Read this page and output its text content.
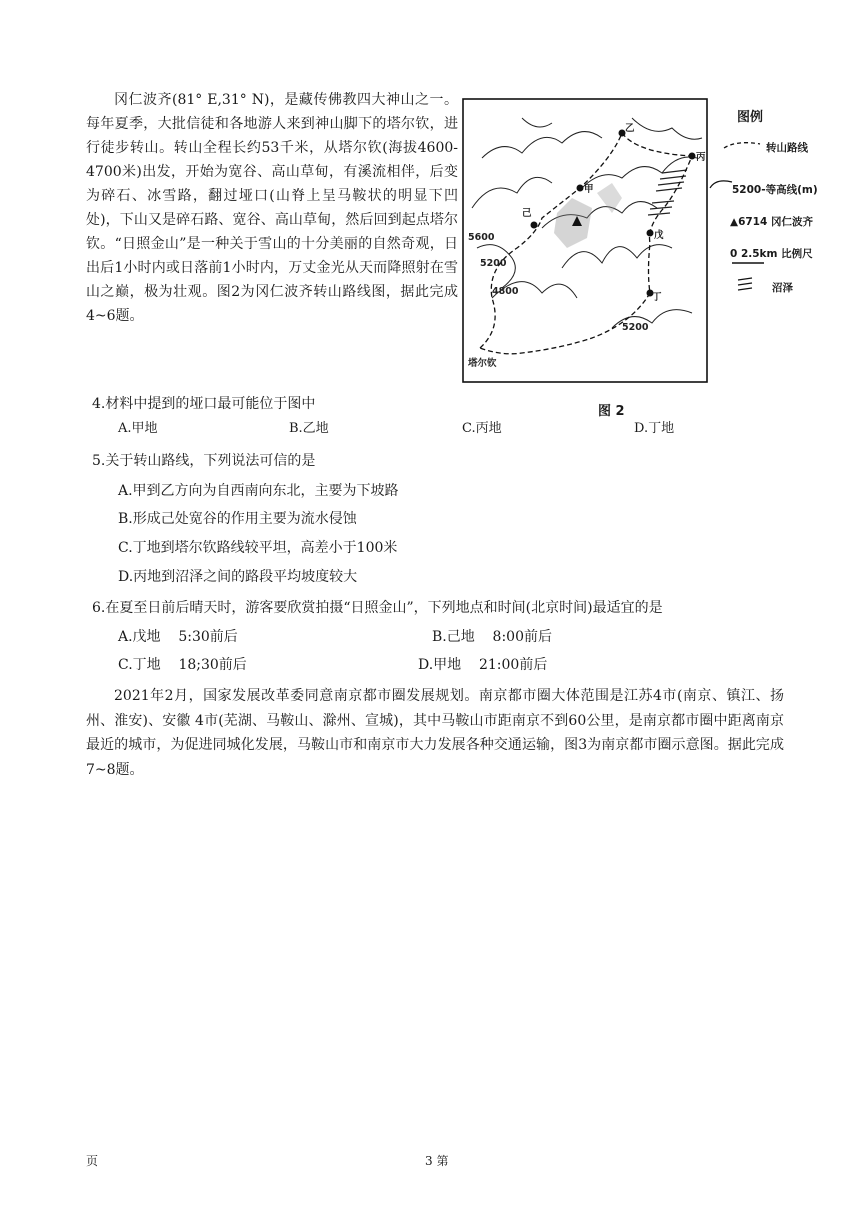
冈仁波齐(81° E,31° N)，是藏传佛教四大神山之一。每年夏季，大批信徒和各地游人来到神山脚下的塔尔钦，进行徒步转山。转山全程长约53千米，从塔尔钦(海拔4600-4700米)出发，开始为宽谷、高山草甸，有溪流相伴，后变为碎石、冰雪路，翻过垭口(山脊上呈马鞍状的明显下凹处)，下山又是碎石路、宽谷、高山草甸，然后回到起点塔尔钦。“日照金山”是一种关于雪山的十分美丽的自然奇观，日出后1小时内或日落前1小时内，万丈金光从天而降照射在雪山之巅，极为壮观。图2为冈仁波齐转山路线图，据此完成4~6题。
乙
丙
甲
己
戊
丁
塔尔钦
5600
5200
4800
5200
图例
转山路线
5200-等高线(m)
▲6714 冈仁波齐
0 2.5km 比例尺
沼泽
图 2
4.材料中提到的垭口最可能位于图中
A.甲地	B.乙地	C.丙地	D.丁地
5.关于转山路线，下列说法可信的是
A.甲到乙方向为自西南向东北，主要为下坡路
B.形成己处宽谷的作用主要为流水侵蚀
C.丁地到塔尔钦路线较平坦，高差小于100米
D.丙地到沼泽之间的路段平均坡度较大
6.在夏至日前后晴天时，游客要欣赏拍摄“日照金山”，下列地点和时间(北京时间)最适宜的是
A.戊地    5:30前后	B.己地    8:00前后
C.丁地    18;30前后	D.甲地    21:00前后
2021年2月，国家发展改革委同意南京都市圈发展规划。南京都市圈大体范围是江苏4市(南京、镇江、扬州、淮安)、安徽 4市(芜湖、马鞍山、滁州、宣城)，其中马鞍山市距南京不到60公里，是南京都市圈中距离南京最近的城市，为促进同城化发展，马鞍山市和南京市大力发展各种交通运输，图3为南京都市圈示意图。据此完成7~8题。
页	3 第
